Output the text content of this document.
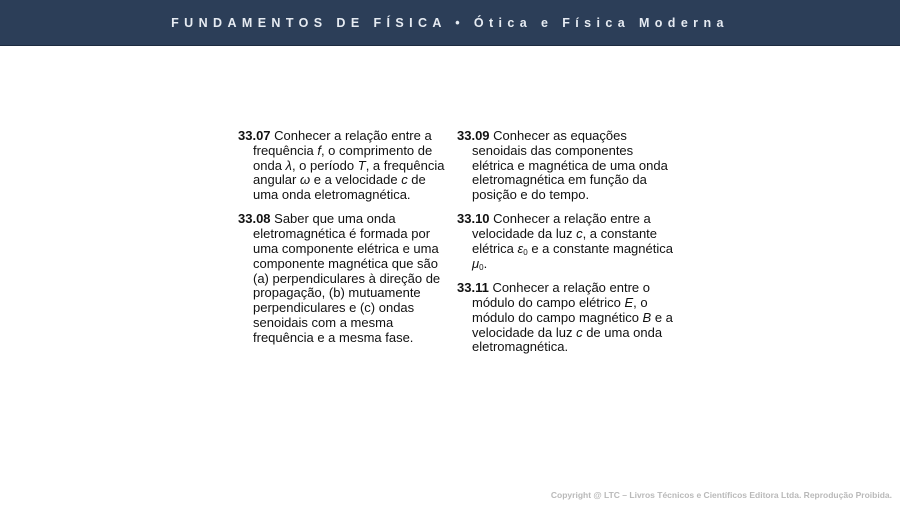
FUNDAMENTOS DE FÍSICA • Ótica e Física Moderna

33.07 Conhecer a relação entre a frequência f, o comprimento de onda λ, o período T, a frequência angular ω e a velocidade c de uma onda eletromagnética.

33.08 Saber que uma onda eletromagnética é formada por uma componente elétrica e uma componente magnética que são (a) perpendiculares à direção de propagação, (b) mutuamente perpendiculares e (c) ondas senoidais com a mesma frequência e a mesma fase.

33.09 Conhecer as equações senoidais das componentes elétrica e magnética de uma onda eletromagnética em função da posição e do tempo.

33.10 Conhecer a relação entre a velocidade da luz c, a constante elétrica $\varepsilon_0$ e a constante magnética $\mu_0$.

33.11 Conhecer a relação entre o módulo do campo elétrico E, o módulo do campo magnético B e a velocidade da luz c de uma onda eletromagnética.

Copyright @ LTC – Livros Técnicos e Científicos Editora Ltda. Reprodução Proibida.
